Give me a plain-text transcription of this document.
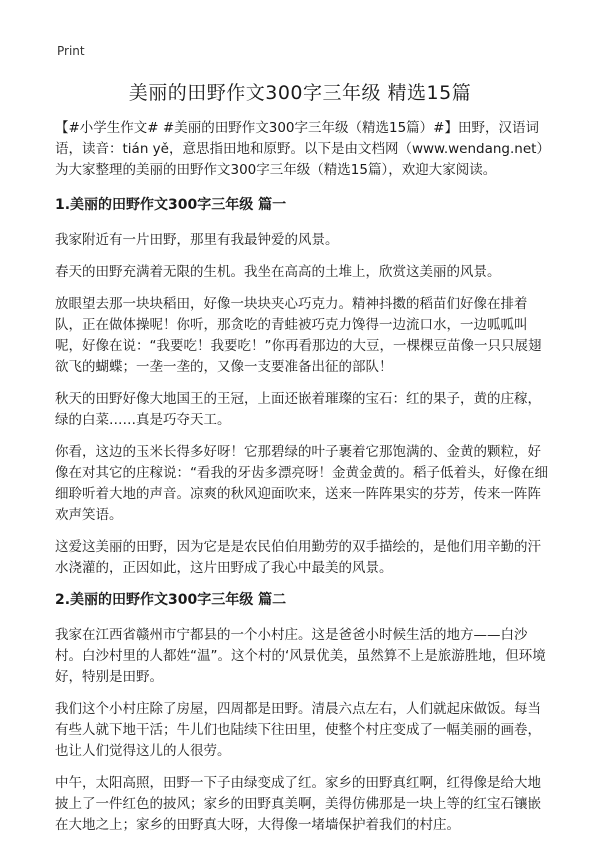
Print
美丽的田野作文300字三年级 精选15篇

【#小学生作文# #美丽的田野作文300字三年级（精选15篇）#】田野，汉语词语，读音：tián yě，意思指田地和原野。以下是由文档网（www.wendang.net）为大家整理的美丽的田野作文300字三年级（精选15篇），欢迎大家阅读。

1.美丽的田野作文300字三年级 篇一

我家附近有一片田野，那里有我最钟爱的风景。

春天的田野充满着无限的生机。我坐在高高的土堆上，欣赏这美丽的风景。

放眼望去那一块块稻田，好像一块块夹心巧克力。精神抖擞的稻苗们好像在排着队，正在做体操呢！你听，那贪吃的青蛙被巧克力馋得一边流口水，一边呱呱叫呢，好像在说：“我要吃！我要吃！”你再看那边的大豆，一棵棵豆苗像一只只展翅欲飞的蝴蝶；一垄一垄的，又像一支要准备出征的部队！

秋天的田野好像大地国王的王冠，上面还嵌着璀璨的宝石：红的果子，黄的庄稼，绿的白菜……真是巧夺天工。

你看，这边的玉米长得多好呀！它那碧绿的叶子裹着它那饱满的、金黄的颗粒，好像在对其它的庄稼说：“看我的牙齿多漂亮呀！金黄金黄的。稻子低着头，好像在细细聆听着大地的声音。凉爽的秋风迎面吹来，送来一阵阵果实的芬芳，传来一阵阵欢声笑语。

这爱这美丽的田野，因为它是是农民伯伯用勤劳的双手描绘的，是他们用辛勤的汗水浇灌的，正因如此，这片田野成了我心中最美的风景。

2.美丽的田野作文300字三年级 篇二

我家在江西省赣州市宁都县的一个小村庄。这是爸爸小时候生活的地方——白沙村。白沙村里的人都姓“温”。这个村的‘风景优美，虽然算不上是旅游胜地，但环境好，特别是田野。

我们这个小村庄除了房屋，四周都是田野。清晨六点左右，人们就起床做饭。每当有些人就下地干活；牛儿们也陆续下往田里，使整个村庄变成了一幅美丽的画卷，也让人们觉得这儿的人很劳。

中午，太阳高照，田野一下子由绿变成了红。家乡的田野真红啊，红得像是给大地披上了一件红色的披风；家乡的田野真美啊，美得仿佛那是一块上等的红宝石镶嵌在大地之上；家乡的田野真大呀，大得像一堵墙保护着我们的村庄。
